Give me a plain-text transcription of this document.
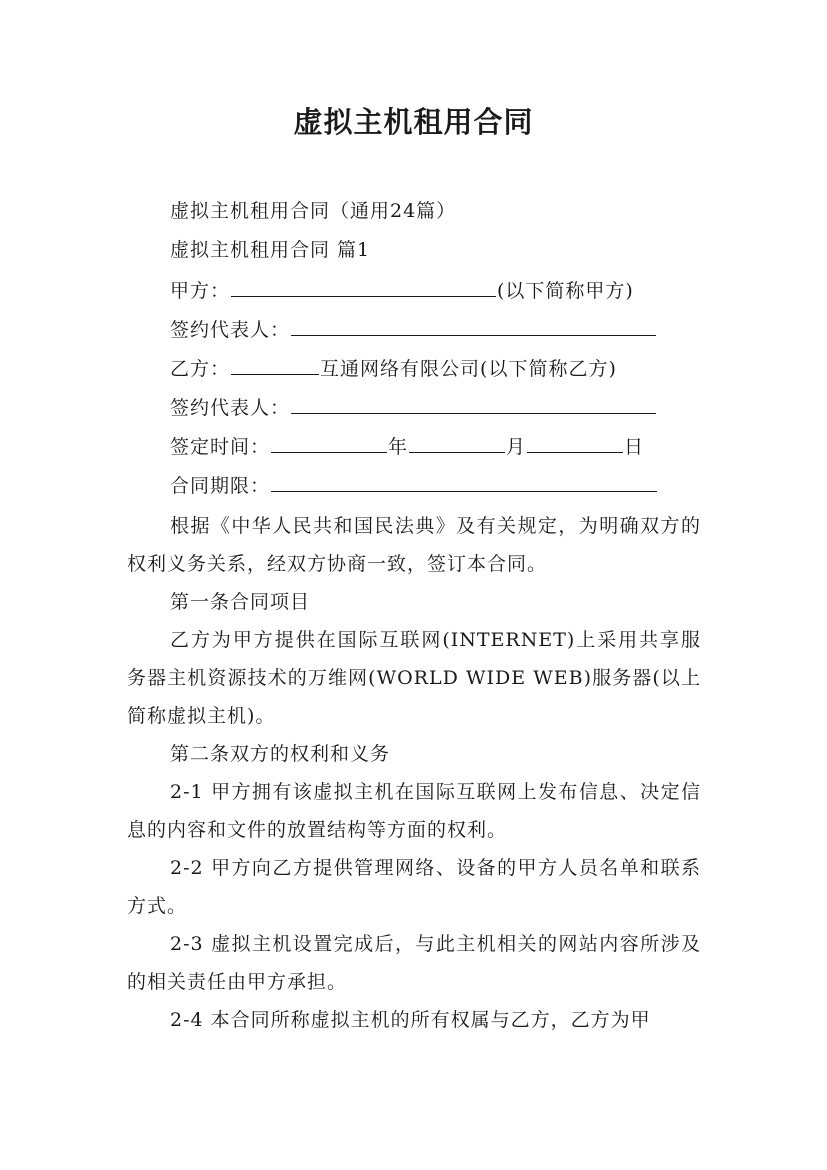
虚拟主机租用合同
虚拟主机租用合同（通用24篇）
虚拟主机租用合同 篇1
甲方：	(以下简称甲方)
签约代表人：
乙方：	互通网络有限公司(以下简称乙方)
签约代表人：
签定时间：	年	月	日
合同期限：
根据《中华人民共和国民法典》及有关规定，为明确双方的权利义务关系，经双方协商一致，签订本合同。
第一条合同项目
乙方为甲方提供在国际互联网(INTERNET)上采用共享服务器主机资源技术的万维网(WORLD WIDE WEB)服务器(以上简称虚拟主机)。
第二条双方的权利和义务
2-1 甲方拥有该虚拟主机在国际互联网上发布信息、决定信息的内容和文件的放置结构等方面的权利。
2-2 甲方向乙方提供管理网络、设备的甲方人员名单和联系方式。
2-3 虚拟主机设置完成后，与此主机相关的网站内容所涉及的相关责任由甲方承担。
2-4 本合同所称虚拟主机的所有权属与乙方，乙方为甲
